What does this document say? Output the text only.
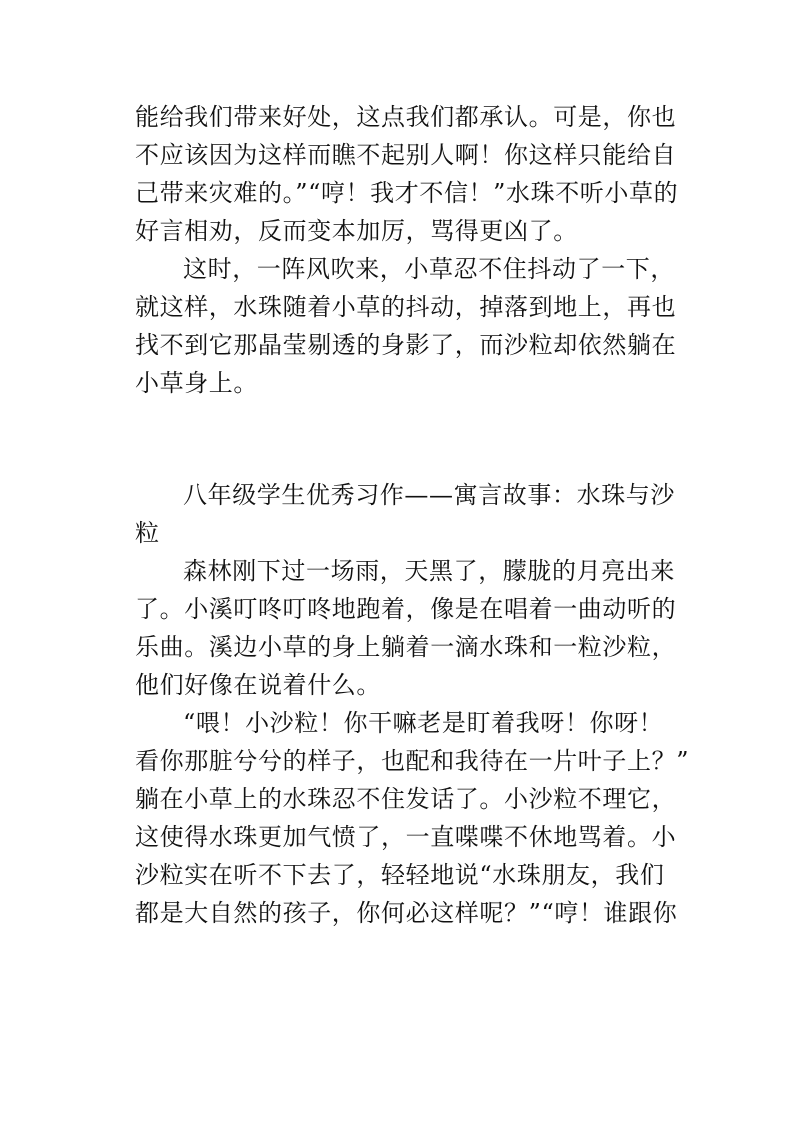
能给我们带来好处，这点我们都承认。可是，你也
不应该因为这样而瞧不起别人啊！你这样只能给自
己带来灾难的。”“哼！我才不信！”水珠不听小草的
好言相劝，反而变本加厉，骂得更凶了。
这时，一阵风吹来，小草忍不住抖动了一下，
就这样，水珠随着小草的抖动，掉落到地上，再也
找不到它那晶莹剔透的身影了，而沙粒却依然躺在
小草身上。
八年级学生优秀习作——寓言故事：水珠与沙
粒
森林刚下过一场雨，天黑了，朦胧的月亮出来
了。小溪叮咚叮咚地跑着，像是在唱着一曲动听的
乐曲。溪边小草的身上躺着一滴水珠和一粒沙粒，
他们好像在说着什么。
“喂！小沙粒！你干嘛老是盯着我呀！你呀！
看你那脏兮兮的样子，也配和我待在一片叶子上？”
躺在小草上的水珠忍不住发话了。小沙粒不理它，
这使得水珠更加气愤了，一直喋喋不休地骂着。小
沙粒实在听不下去了，轻轻地说“水珠朋友，我们
都是大自然的孩子，你何必这样呢？”“哼！谁跟你
